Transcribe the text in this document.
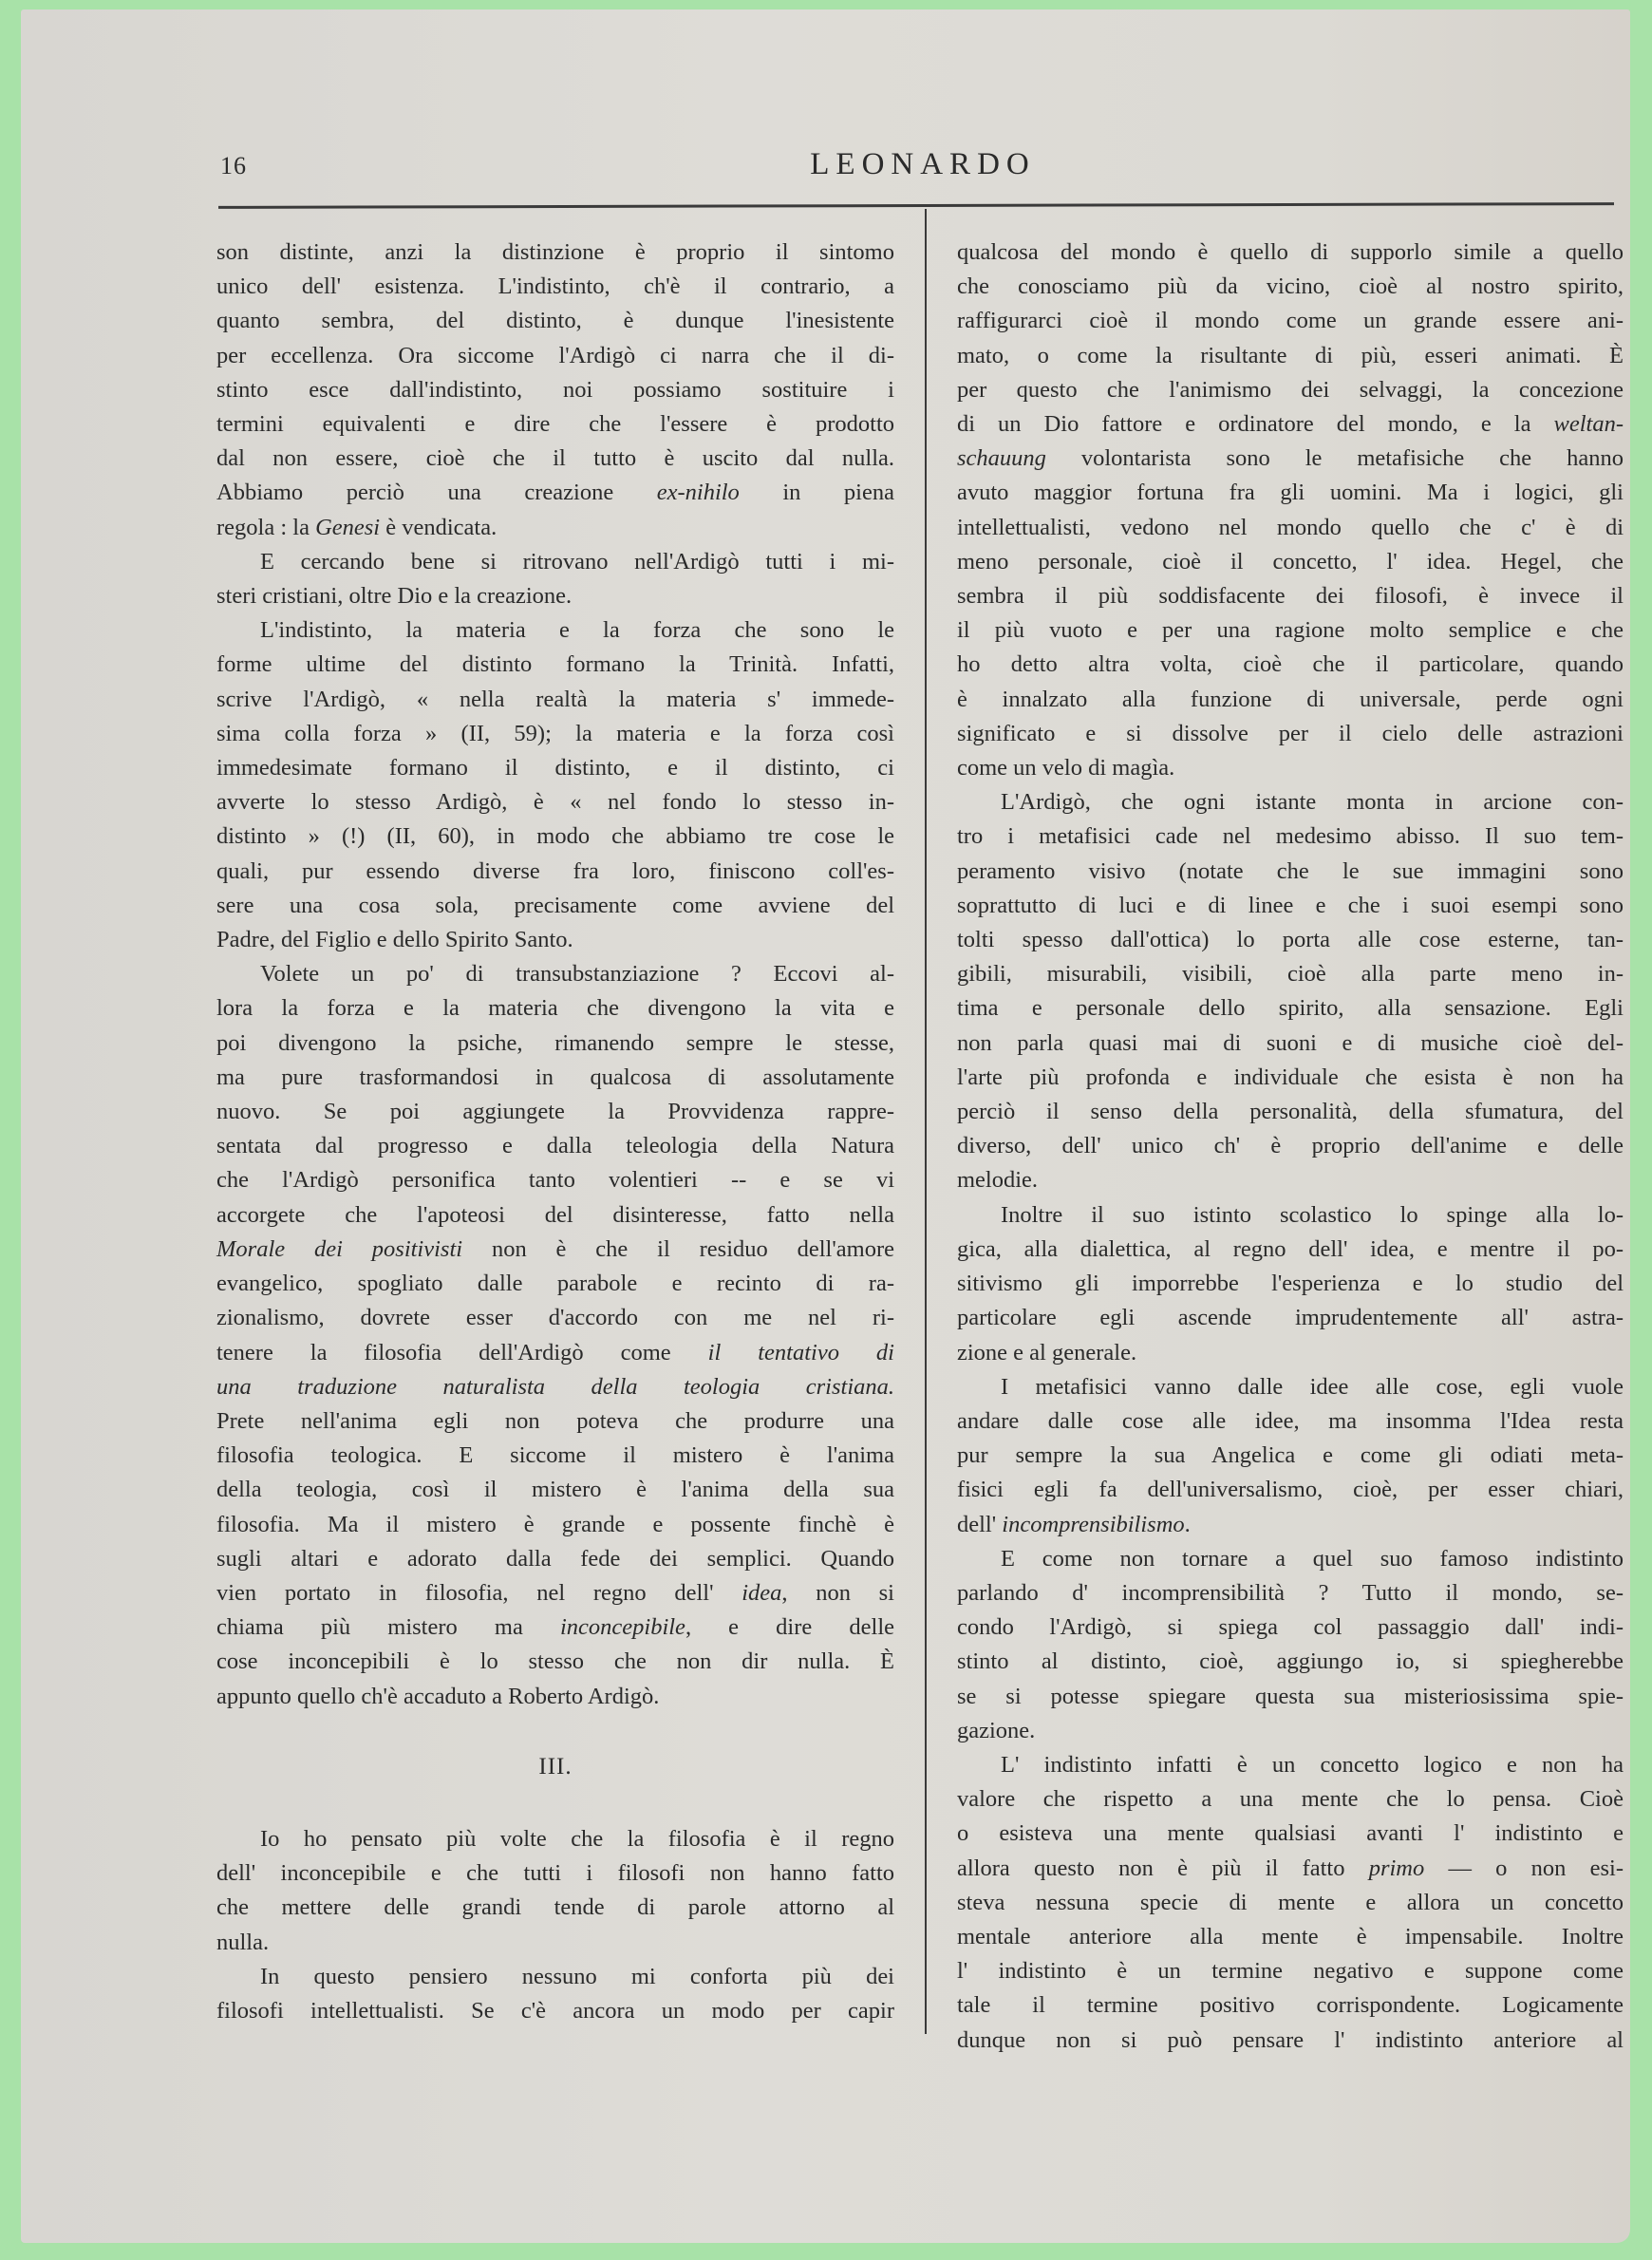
16	LEONARDO
son distinte, anzi la distinzione è proprio il sintomo
unico dell' esistenza. L'indistinto, ch'è il contrario, a
quanto sembra, del distinto, è dunque l'inesistente
per eccellenza. Ora siccome l'Ardigò ci narra che il di-
stinto esce dall'indistinto, noi possiamo sostituire i
termini equivalenti e dire che l'essere è prodotto
dal non essere, cioè che il tutto è uscito dal nulla.
Abbiamo perciò una creazione ex-nihilo in piena
regola : la Genesi è vendicata.
E cercando bene si ritrovano nell'Ardigò tutti i mi-
steri cristiani, oltre Dio e la creazione.
L'indistinto, la materia e la forza che sono le
forme ultime del distinto formano la Trinità. Infatti,
scrive l'Ardigò, « nella realtà la materia s' immede-
sima colla forza » (II, 59); la materia e la forza così
immedesimate formano il distinto, e il distinto, ci
avverte lo stesso Ardigò, è « nel fondo lo stesso in-
distinto » (!) (II, 60), in modo che abbiamo tre cose le
quali, pur essendo diverse fra loro, finiscono coll'es-
sere una cosa sola, precisamente come avviene del
Padre, del Figlio e dello Spirito Santo.
Volete un po' di transubstanziazione ? Eccovi al-
lora la forza e la materia che divengono la vita e
poi divengono la psiche, rimanendo sempre le stesse,
ma pure trasformandosi in qualcosa di assolutamente
nuovo. Se poi aggiungete la Provvidenza rappre-
sentata dal progresso e dalla teleologia della Natura
che l'Ardigò personifica tanto volentieri -- e se vi
accorgete che l'apoteosi del disinteresse, fatto nella
Morale dei positivisti non è che il residuo dell'amore
evangelico, spogliato dalle parabole e recinto di ra-
zionalismo, dovrete esser d'accordo con me nel ri-
tenere la filosofia dell'Ardigò come il tentativo di
una traduzione naturalista della teologia cristiana.
Prete nell'anima egli non poteva che produrre una
filosofia teologica. E siccome il mistero è l'anima
della teologia, così il mistero è l'anima della sua
filosofia. Ma il mistero è grande e possente finchè è
sugli altari e adorato dalla fede dei semplici. Quando
vien portato in filosofia, nel regno dell' idea, non si
chiama più mistero ma inconcepibile, e dire delle
cose inconcepibili è lo stesso che non dir nulla. È
appunto quello ch'è accaduto a Roberto Ardigò.
III.
Io ho pensato più volte che la filosofia è il regno
dell' inconcepibile e che tutti i filosofi non hanno fatto
che mettere delle grandi tende di parole attorno al
nulla.
In questo pensiero nessuno mi conforta più dei
filosofi intellettualisti. Se c'è ancora un modo per capir
qualcosa del mondo è quello di supporlo simile a quello
che conosciamo più da vicino, cioè al nostro spirito,
raffigurarci cioè il mondo come un grande essere ani-
mato, o come la risultante di più, esseri animati. È
per questo che l'animismo dei selvaggi, la concezione
di un Dio fattore e ordinatore del mondo, e la weltan-
schauung volontarista sono le metafisiche che hanno
avuto maggior fortuna fra gli uomini. Ma i logici, gli
intellettualisti, vedono nel mondo quello che c' è di
meno personale, cioè il concetto, l' idea. Hegel, che
sembra il più soddisfacente dei filosofi, è invece il
il più vuoto e per una ragione molto semplice e che
ho detto altra volta, cioè che il particolare, quando
è innalzato alla funzione di universale, perde ogni
significato e si dissolve per il cielo delle astrazioni
come un velo di magìa.
L'Ardigò, che ogni istante monta in arcione con-
tro i metafisici cade nel medesimo abisso. Il suo tem-
peramento visivo (notate che le sue immagini sono
soprattutto di luci e di linee e che i suoi esempi sono
tolti spesso dall'ottica) lo porta alle cose esterne, tan-
gibili, misurabili, visibili, cioè alla parte meno in-
tima e personale dello spirito, alla sensazione. Egli
non parla quasi mai di suoni e di musiche cioè del-
l'arte più profonda e individuale che esista è non ha
perciò il senso della personalità, della sfumatura, del
diverso, dell' unico ch' è proprio dell'anime e delle
melodie.
Inoltre il suo istinto scolastico lo spinge alla lo-
gica, alla dialettica, al regno dell' idea, e mentre il po-
sitivismo gli imporrebbe l'esperienza e lo studio del
particolare egli ascende imprudentemente all' astra-
zione e al generale.
I metafisici vanno dalle idee alle cose, egli vuole
andare dalle cose alle idee, ma insomma l'Idea resta
pur sempre la sua Angelica e come gli odiati meta-
fisici egli fa dell'universalismo, cioè, per esser chiari,
dell' incomprensibilismo.
E come non tornare a quel suo famoso indistinto
parlando d' incomprensibilità ? Tutto il mondo, se-
condo l'Ardigò, si spiega col passaggio dall' indi-
stinto al distinto, cioè, aggiungo io, si spiegherebbe
se si potesse spiegare questa sua misteriosissima spie-
gazione.
L' indistinto infatti è un concetto logico e non ha
valore che rispetto a una mente che lo pensa. Cioè
o esisteva una mente qualsiasi avanti l' indistinto e
allora questo non è più il fatto primo — o non esi-
steva nessuna specie di mente e allora un concetto
mentale anteriore alla mente è impensabile. Inoltre
l' indistinto è un termine negativo e suppone come
tale il termine positivo corrispondente. Logicamente
dunque non si può pensare l' indistinto anteriore al
